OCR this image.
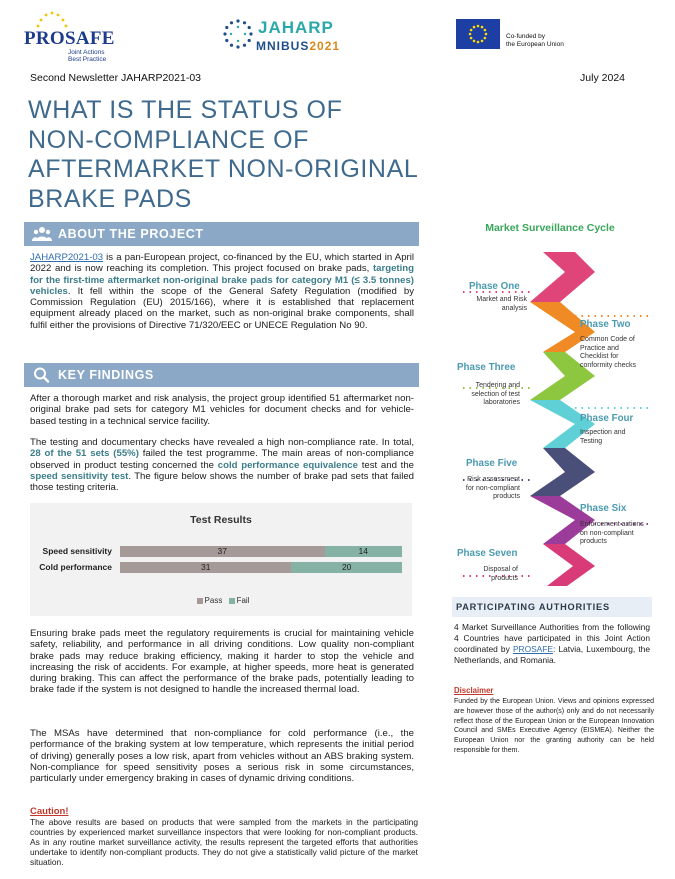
PROSAFE
Joint Actions
Best Practice
JAHARP
MNIBUS2021
Co-funded by
the European Union
Second Newsletter JAHARP2021-03	July 2024
WHAT IS THE STATUS OF
NON-COMPLIANCE OF
AFTERMARKET NON-ORIGINAL
BRAKE PADS
ABOUT THE PROJECT

JAHARP2021-03 is a pan-European project, co-financed by the EU, which started in April 2022 and is now reaching its completion. This project focused on brake pads, targeting for the first-time aftermarket non-original brake pads for category M1 (≤ 3.5 tonnes) vehicles. It fell within the scope of the General Safety Regulation (modified by Commission Regulation (EU) 2015/166), where it is established that replacement equipment already placed on the market, such as non-original brake components, shall fulfil either the provisions of Directive 71/320/EEC or UNECE Regulation No 90.

KEY FINDINGS

After a thorough market and risk analysis, the project group identified 51 aftermarket non-original brake pad sets for category M1 vehicles for document checks and for vehicle-based testing in a technical service facility.

The testing and documentary checks have revealed a high non-compliance rate. In total, 28 of the 51 sets (55%) failed the test programme. The main areas of non-compliance observed in product testing concerned the cold performance equivalence test and the speed sensitivity test. The figure below shows the number of brake pad sets that failed those testing criteria.

Test Results
Speed sensitivity	37	14
Cold performance	31	20
Pass Fail

Ensuring brake pads meet the regulatory requirements is crucial for maintaining vehicle safety, reliability, and performance in all driving conditions. Low quality non-compliant brake pads may reduce braking efficiency, making it harder to stop the vehicle and increasing the risk of accidents. For example, at higher speeds, more heat is generated during braking. This can affect the performance of the brake pads, potentially leading to brake fade if the system is not designed to handle the increased thermal load.

The MSAs have determined that non-compliance for cold performance (i.e., the performance of the braking system at low temperature, which represents the initial period of driving) generally poses a low risk, apart from vehicles without an ABS braking system. Non-compliance for speed sensitivity poses a serious risk in some circumstances, particularly under emergency braking in cases of dynamic driving conditions.

Caution!

The above results are based on products that were sampled from the markets in the participating countries by experienced market surveillance inspectors that were looking for non-compliant products. As in any routine market surveillance activity, the results represent the targeted efforts that authorities undertake to identify non-compliant products. They do not give a statistically valid picture of the market situation.

Market Surveillance Cycle
Phase One
Market and Risk
analysis
Phase Two
Common Code of
Practice and
Checklist for
conformity checks
Phase Three
Tendering and
selection of test
laboratories
Phase Four
Inspection and
Testing
Phase Five
Risk assessment
for non-compliant
products
Phase Six
Enforcement actions
on non-compliant
products
Phase Seven
Disposal of
products
PARTICIPATING AUTHORITIES

4 Market Surveillance Authorities from the following 4 Countries have participated in this Joint Action coordinated by PROSAFE: Latvia, Luxembourg, the Netherlands, and Romania.

Disclaimer

Funded by the European Union. Views and opinions expressed are however those of the author(s) only and do not necessarily reflect those of the European Union or the European Innovation Council and SMEs Executive Agency (EISMEA). Neither the European Union nor the granting authority can be held responsible for them.
